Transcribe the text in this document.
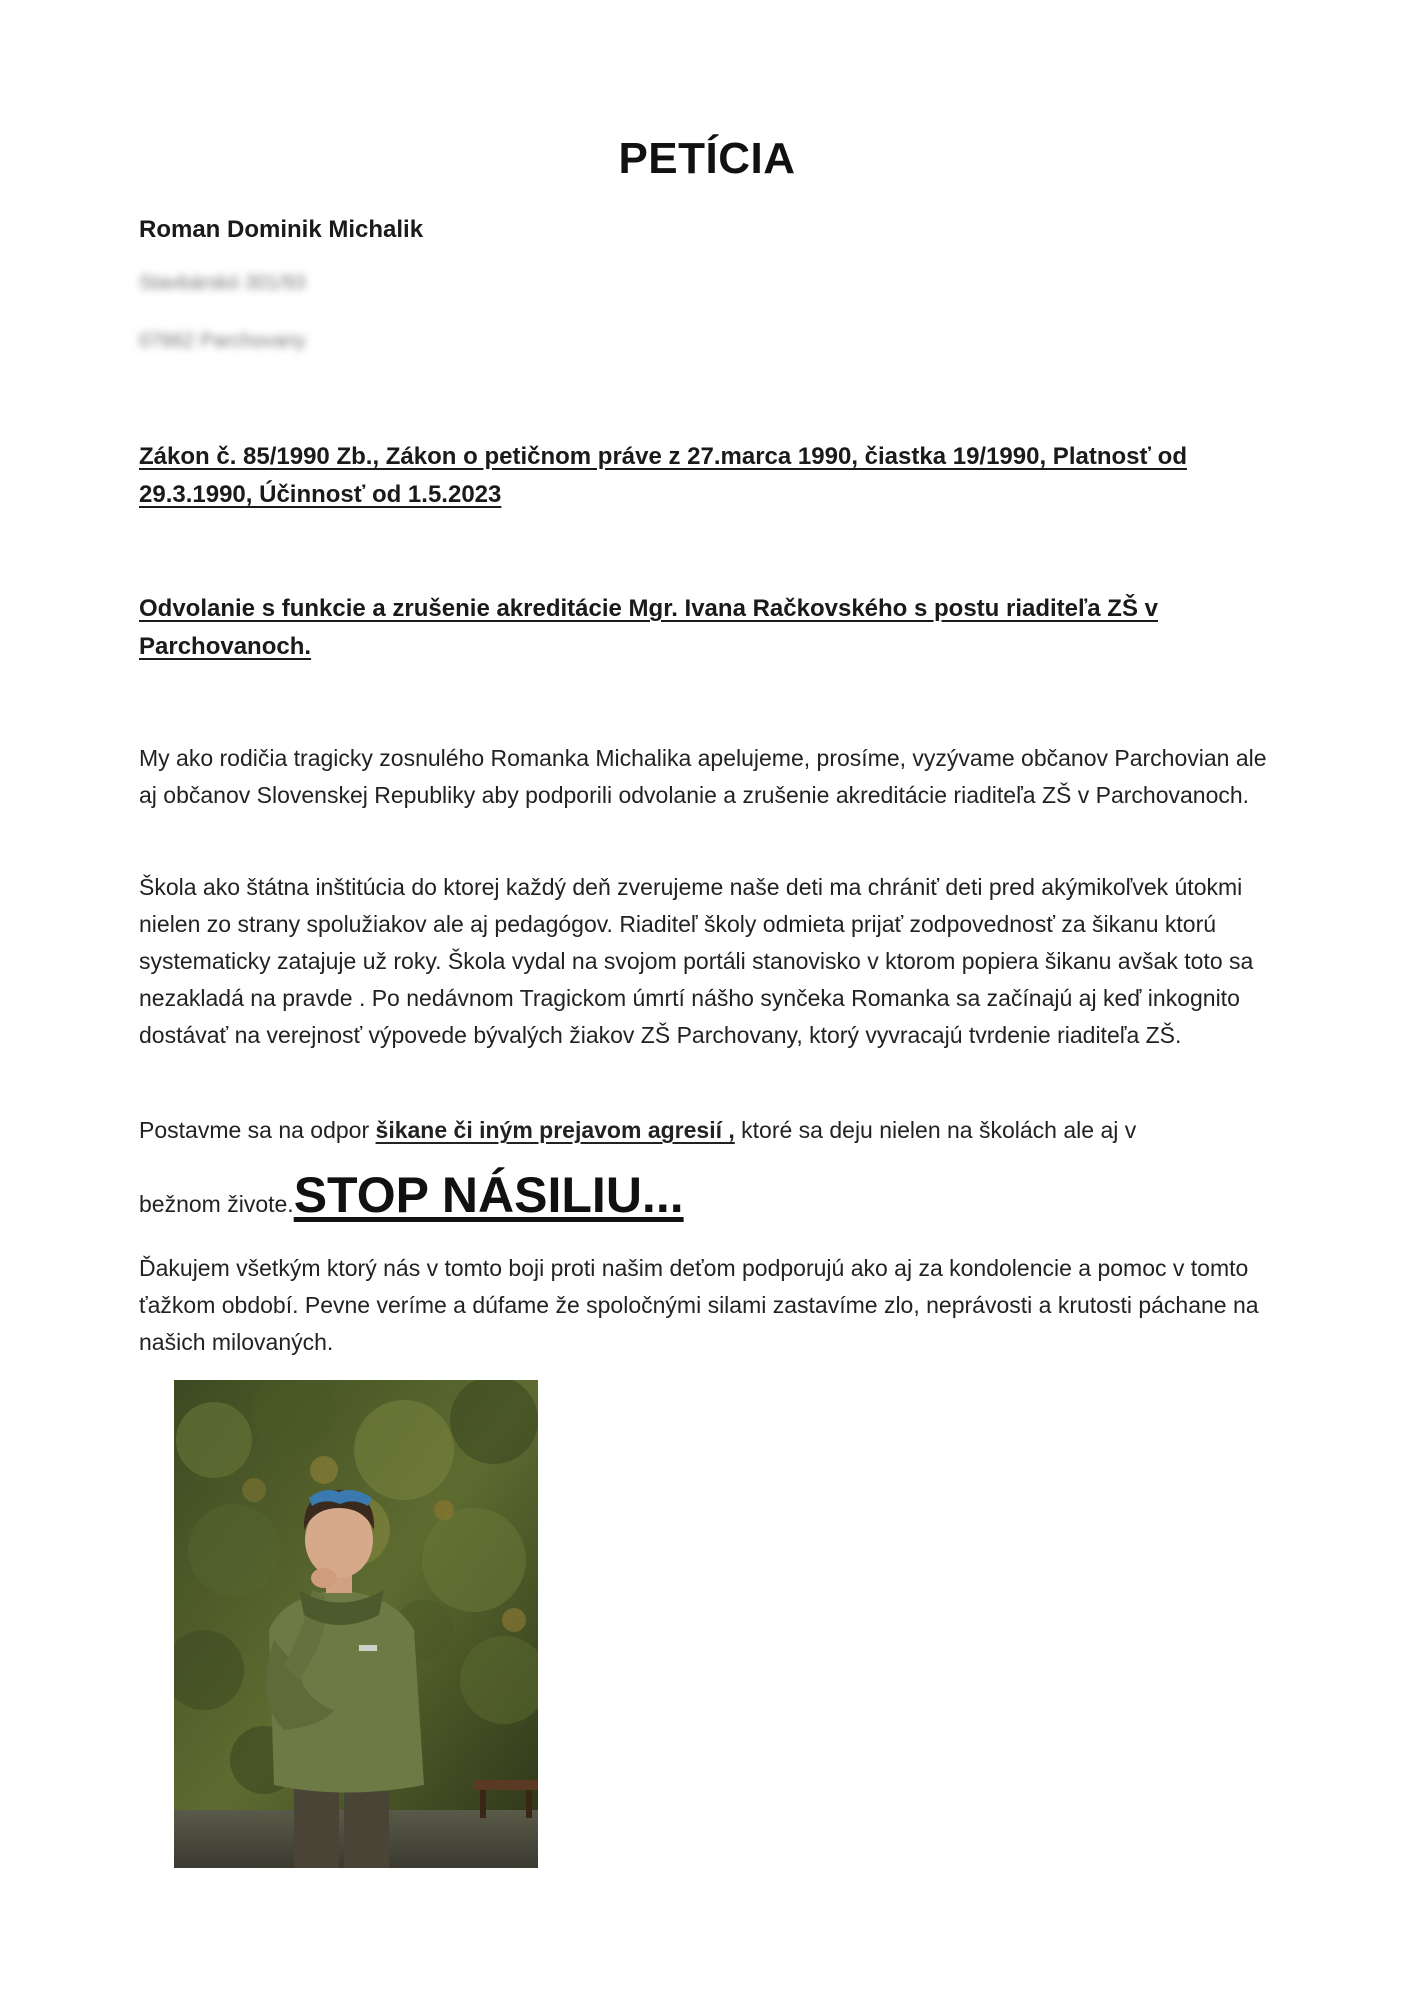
PETÍCIA
Roman Dominik Michalik
Stavbárskó 301/93
07662 Parchovany
Zákon č. 85/1990 Zb., Zákon o petičnom práve z 27.marca 1990, čiastka 19/1990, Platnosť od 29.3.1990, Účinnosť od 1.5.2023
Odvolanie s funkcie a zrušenie akreditácie Mgr. Ivana Račkovského s postu riaditeľa ZŠ v Parchovanoch.

My ako rodičia tragicky zosnulého Romanka Michalika apelujeme, prosíme, vyzývame občanov Parchovian ale aj občanov Slovenskej Republiky aby podporili odvolanie a zrušenie akreditácie riaditeľa ZŠ v Parchovanoch.

Škola ako štátna inštitúcia do ktorej každý deň zverujeme naše deti ma chrániť deti pred akýmikoľvek útokmi nielen zo strany spolužiakov ale aj pedagógov. Riaditeľ školy odmieta prijať zodpovednosť za šikanu ktorú systematicky zatajuje už roky. Škola vydal na svojom portáli stanovisko v ktorom popiera šikanu avšak toto sa nezakladá na pravde . Po nedávnom Tragickom úmrtí nášho synčeka Romanka sa začínajú aj keď inkognito dostávať na verejnosť výpovede bývalých žiakov ZŠ Parchovany, ktorý vyvracajú tvrdenie riaditeľa ZŠ.

Postavme sa na odpor šikane či iným prejavom agresií , ktoré sa deju nielen na školách ale aj v

bežnom živote.STOP NÁSILIU...

Ďakujem všetkým ktorý nás v tomto boji proti našim deťom podporujú ako aj za kondolencie a pomoc v tomto ťažkom období. Pevne veríme a dúfame že spoločnými silami zastavíme zlo, neprávosti a krutosti páchane na našich milovaných.
